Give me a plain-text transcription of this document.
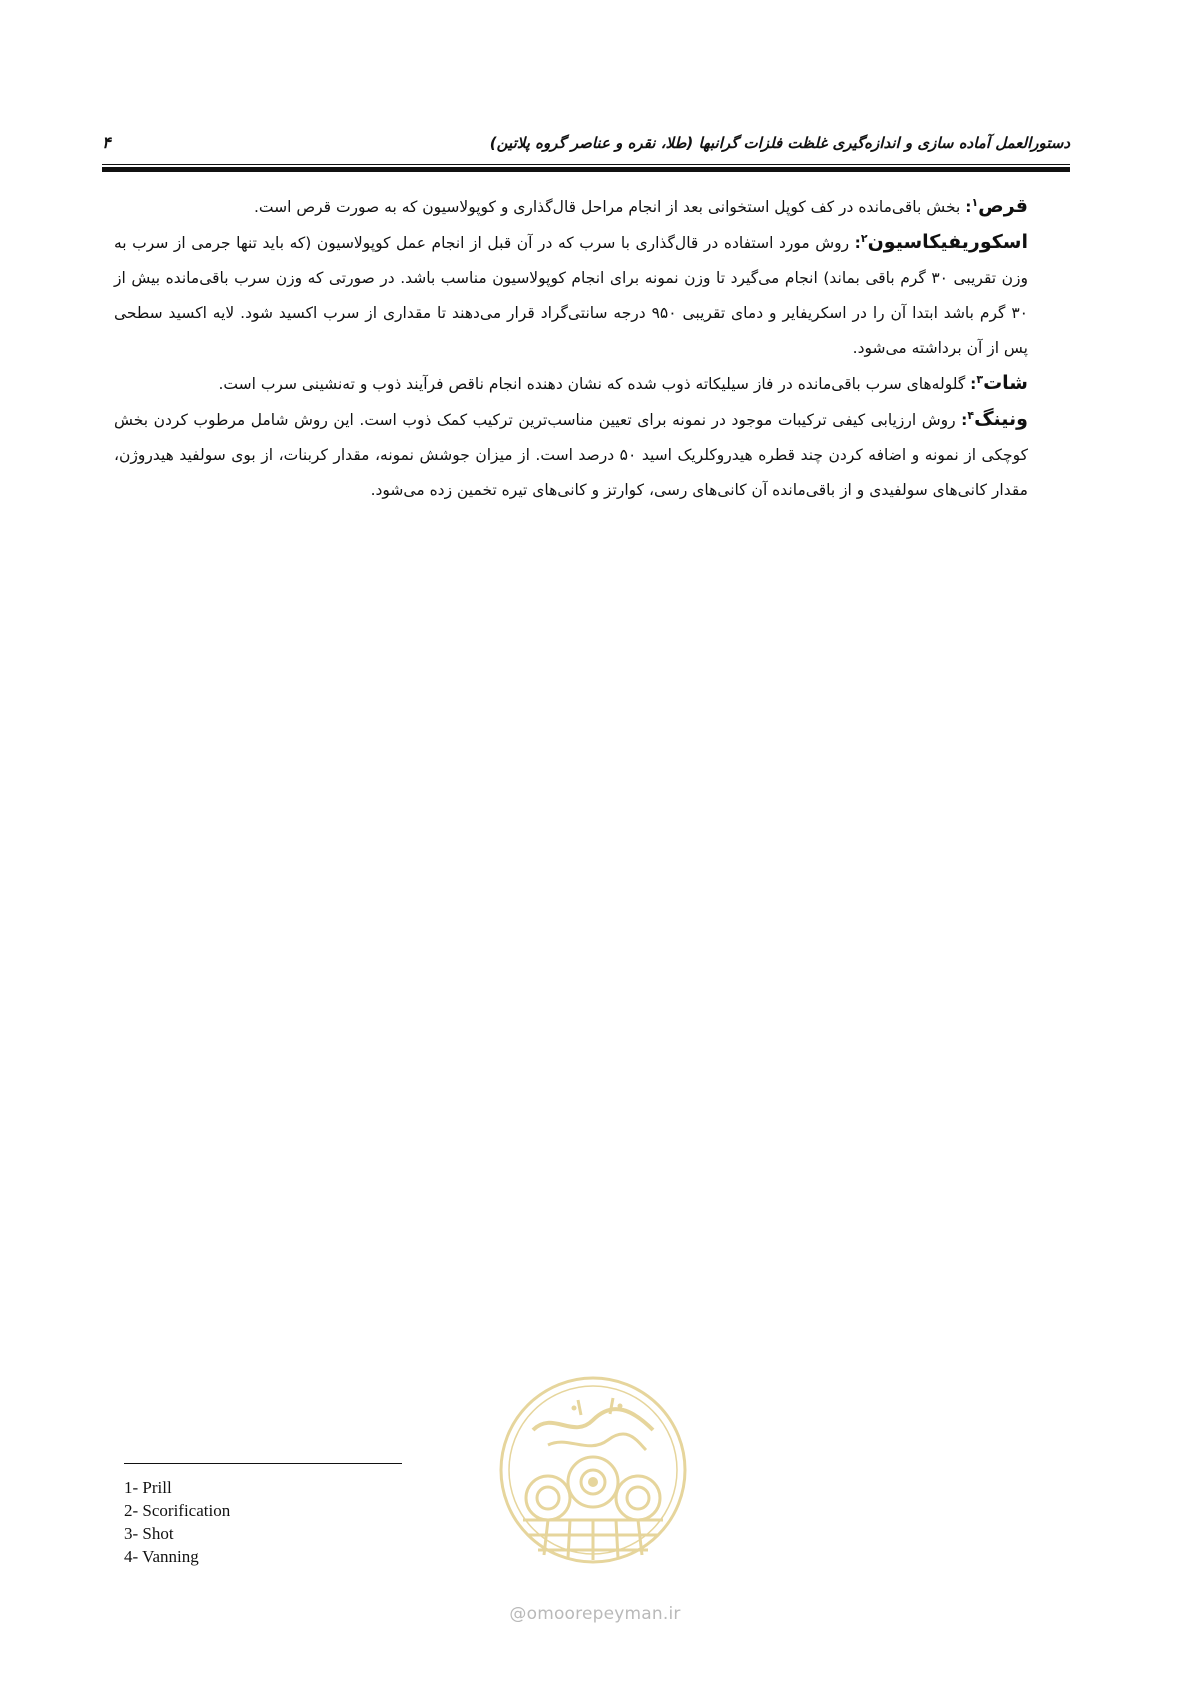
دستورالعمل آماده سازی و اندازه‌گیری غلظت فلزات گرانبها (طلا، نقره و عناصر گروه پلاتین)
۴

قرص$^۱$: بخش باقی‌مانده در کف کوپل استخوانی بعد از انجام مراحل قال‌گذاری و کوپولاسیون که به صورت قرص است.

اسکوریفیکاسیون$^۲$: روش مورد استفاده در قال‌گذاری با سرب که در آن قبل از انجام عمل کوپولاسیون (که باید تنها جرمی از سرب به وزن تقریبی ۳۰ گرم باقی بماند) انجام می‌گیرد تا وزن نمونه برای انجام کوپولاسیون مناسب باشد. در صورتی که وزن سرب باقی‌مانده بیش از ۳۰ گرم باشد ابتدا آن را در اسکریفایر و دمای تقریبی ۹۵۰ درجه سانتی‌گراد قرار می‌دهند تا مقداری از سرب اکسید شود. لایه اکسید سطحی پس از آن برداشته می‌شود.

شات$^۳$: گلوله‌های سرب باقی‌مانده در فاز سیلیکاته ذوب شده که نشان دهنده انجام ناقص فرآیند ذوب و ته‌نشینی سرب است.

ونینگ$^۴$: روش ارزیابی کیفی ترکیبات موجود در نمونه برای تعیین مناسب‌ترین ترکیب کمک ذوب است. این روش شامل مرطوب کردن بخش کوچکی از نمونه و اضافه کردن چند قطره هیدروکلریک اسید ۵۰ درصد است. از میزان جوشش نمونه، مقدار کربنات، از بوی سولفید هیدروژن، مقدار کانی‌های سولفیدی و از باقی‌مانده آن کانی‌های رسی، کوارتز و کانی‌های تیره تخمین زده می‌شود.

@omoorepeyman.ir
1- Prill
2- Scorification
3- Shot
4- Vanning
